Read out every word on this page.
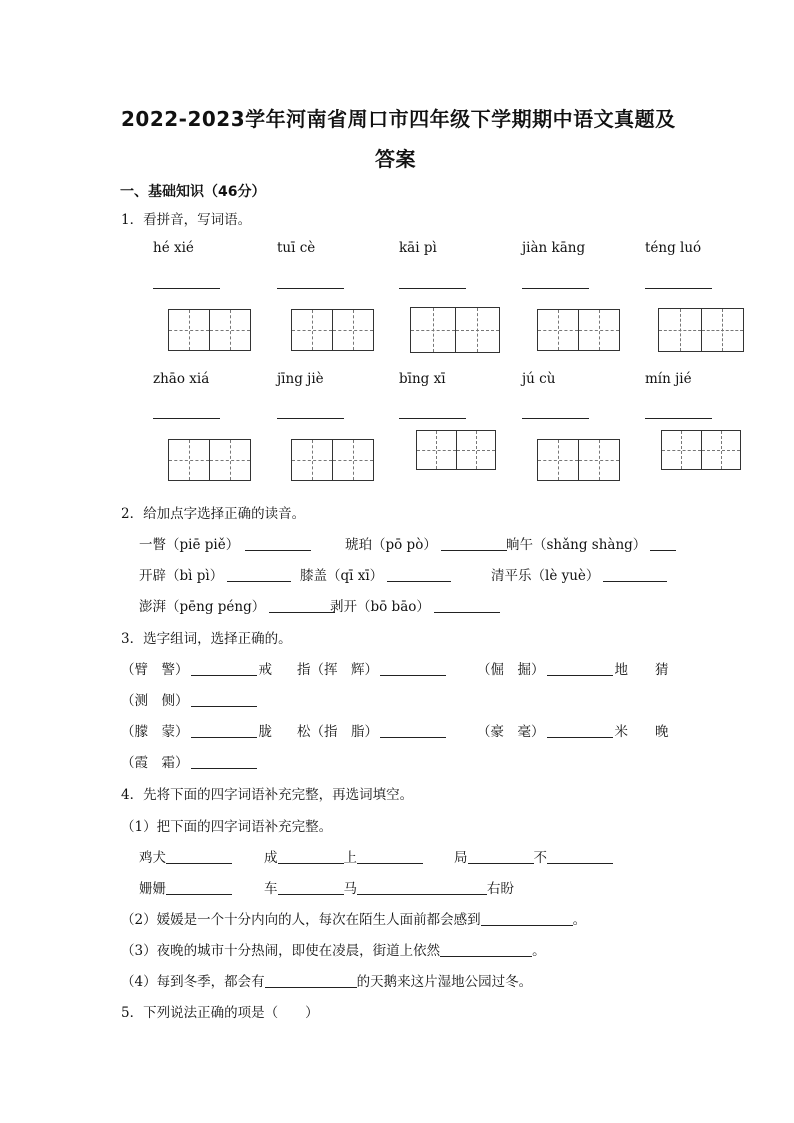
2022-2023学年河南省周口市四年级下学期期中语文真题及
答案
一、基础知识（46分）
1．看拼音，写词语。
hé xié	tuī cè	kāi pì	jiàn kāng	téng luó
zhāo xiá	jīng jiè	bīng xī	jú cù	mín jié
2．给加点字选择正确的读音。
一瞥（piē piě）	琥珀（pō pò）	晌午（shǎng shàng）
开辟（bì pì）	膝盖（qī xī）	清平乐（lè yuè）
澎湃（pēng péng）	剥开（bō bāo）
3．选字组词，选择正确的。
（臂　警）	戒 指（挥　辉）	（倔　掘）	地 猜
（测　侧）
（朦　蒙）	胧 松（指　脂）	（豪　毫）	米 晚
（霞　霜）
4．先将下面的四字词语补充完整，再选词填空。
（1）把下面的四字词语补充完整。
鸡犬	成	上	局	不
姗姗	车	马	右盼
（2）媛媛是一个十分内向的人，每次在陌生人面前都会感到	。
（3）夜晚的城市十分热闹，即使在凌晨，街道上依然	。
（4）每到冬季，都会有	的天鹅来这片湿地公园过冬。
5．下列说法正确的项是（　　）
